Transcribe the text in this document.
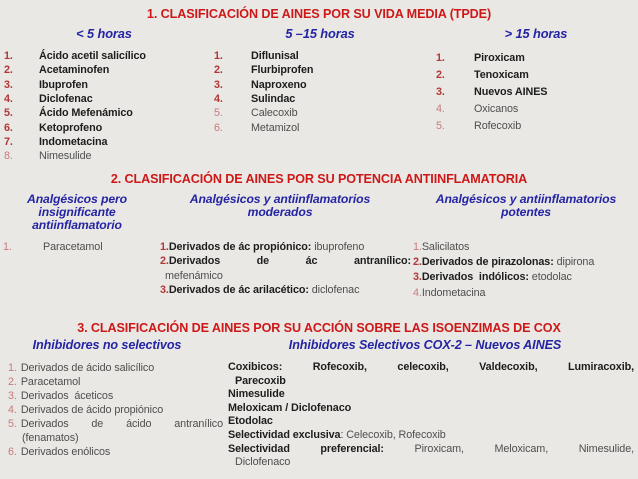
1. CLASIFICACIÓN DE AINES POR SU VIDA MEDIA (TPDE)
< 5 horas	5 –15 horas	> 15 horas
1. Ácido acetil salicílico
2. Acetaminofen
3. Ibuprofen
4. Diclofenac
5. Ácido Mefenámico
6. Ketoprofeno
7. Indometacina
8. Nimesulide
1.	Diflunisal
2.	Flurbiprofen
3.	Naproxeno
4.	Sulindac
5.	Calecoxib
6.	Metamizol
1.	Piroxicam
2.	Tenoxicam
3.	Nuevos AINES
4.	Oxicanos
5.	Rofecoxib
2. CLASIFICACIÓN DE AINES POR SU POTENCIA ANTIINFLAMATORIA
Analgésicos pero insignificante antiinflamatorio
Analgésicos y antiinflamatorios moderados
Analgésicos y antiinflamatorios potentes
1.	Paracetamol	1.Derivados de ác propiónico: ibuprofeno
2.Derivados de ác antranílico:
mefenámico
3.Derivados de ác arilacético: diclofenac
1.Salicilatos
2.Derivados de pirazolonas: dipirona
3.Derivados  indólicos: etodolac
4.Indometacina
3. CLASIFICACIÓN DE AINES POR SU ACCIÓN SOBRE LAS ISOENZIMAS DE COX
Inhibidores no selectivos	Inhibidores Selectivos COX-2 – Nuevos AINES
1. Derivados de ácido salicílico
2. Paracetamol
3. Derivados  áceticos
4. Derivados de ácido propiónico
5. Derivados de ácido antranílico
(fenamatos)
6. Derivados enólicos
Coxibicos: Rofecoxib, celecoxib, Valdecoxib, Lumiracoxib,
Parecoxib
Nimesulide
Meloxicam / Diclofenaco
Etodolac
Selectividad exclusiva: Celecoxib, Rofecoxib
Selectividad preferencial:	Piroxicam, Meloxicam, Nimesulide,
Diclofenaco
